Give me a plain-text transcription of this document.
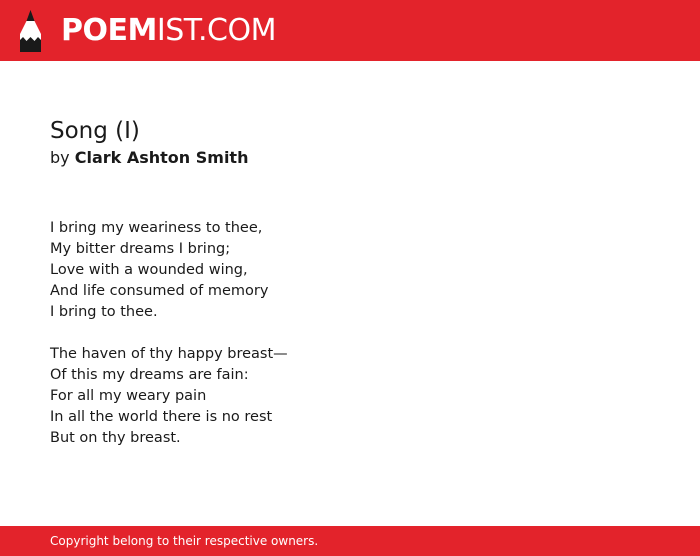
POEMIST.COM
Song (I)
by Clark Ashton Smith
I bring my weariness to thee,
My bitter dreams I bring;
Love with a wounded wing,
And life consumed of memory
I bring to thee.
The haven of thy happy breast—
Of this my dreams are fain:
For all my weary pain
In all the world there is no rest
But on thy breast.
Copyright belong to their respective owners.
